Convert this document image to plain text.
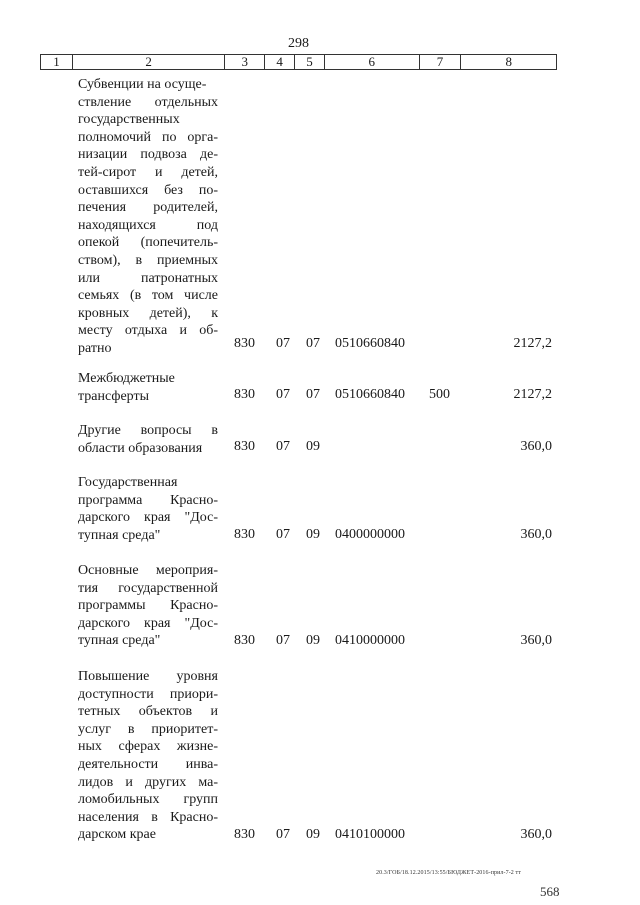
298
1	2	3	4	5	6	7	8
Субвенции на осуще-
ствление отдельных
государственных
полномочий по орга-
низации подвоза де-
тей-сирот и детей,
оставшихся без по-
печения родителей,
находящихся под
опекой (попечитель-
ством), в приемных
или патронатных
семьях (в том числе
кровных детей), к
месту отдыха и об-
ратно	830 07 07 0510660840	2127,2
Межбюджетные
трансферты	830 07 07 0510660840 500	2127,2
Другие вопросы в
области образования	830 07 09	360,0
Государственная
программа Красно-
дарского края "Дос-
тупная среда"	830 07 09 0400000000	360,0
Основные мероприя-
тия государственной
программы Красно-
дарского края "Дос-
тупная среда"	830 07 09 0410000000	360,0
Повышение уровня
доступности приори-
тетных объектов и
услуг в приоритет-
ных сферах жизне-
деятельности инва-
лидов и других ма-
ломобильных групп
населения в Красно-
дарском крае	830 07 09 0410100000	360,0
20.3/ГОБ/18.12.2015/13:55/БЮДЖЕТ-2016-прил-7-2 тт
568
